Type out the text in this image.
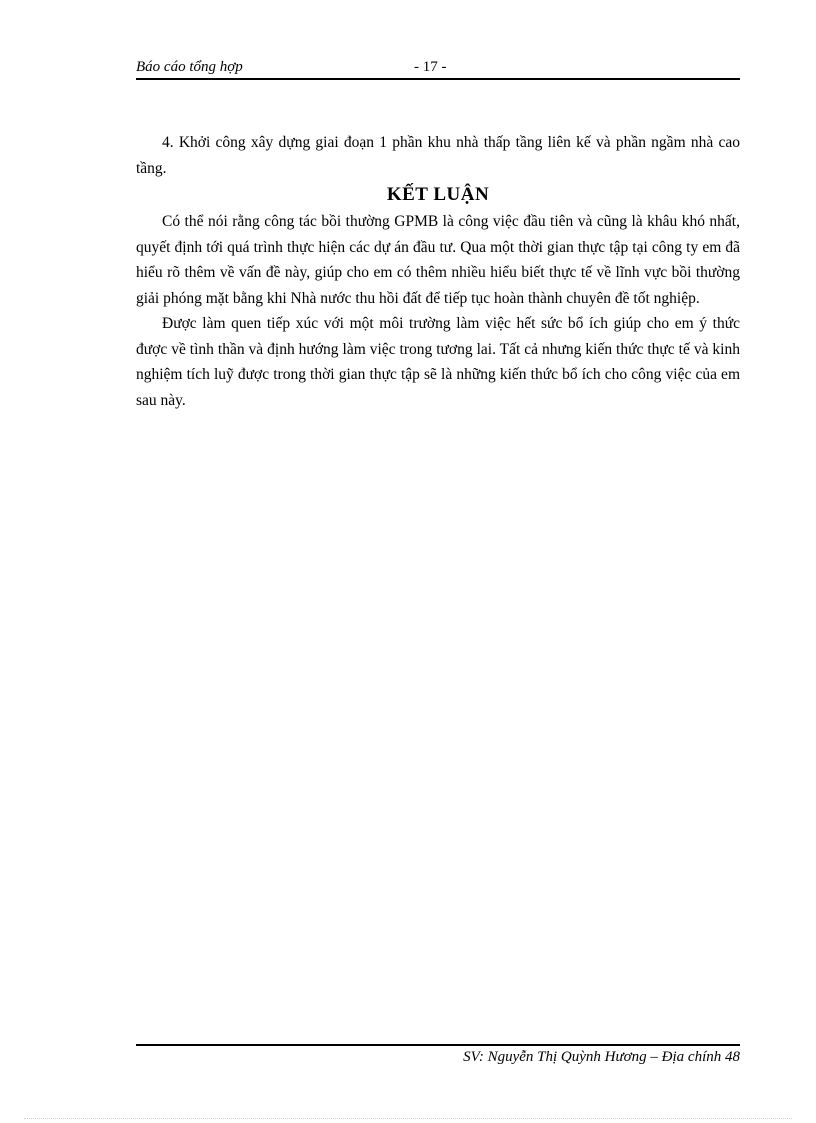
Báo cáo tổng hợp	- 17 -

4. Khởi công xây dựng giai đoạn 1 phần khu nhà thấp tầng liên kế và phần ngầm nhà cao tầng.

KẾT LUẬN

Có thể nói rằng công tác bồi thường GPMB là công việc đầu tiên và cũng là khâu khó nhất, quyết định tới quá trình thực hiện các dự án đầu tư. Qua một thời gian thực tập tại công ty em đã hiểu rõ thêm về vấn đề này, giúp cho em có thêm nhiều hiểu biết thực tế về lĩnh vực bồi thường giải phóng mặt bằng khi Nhà nước thu hồi đất để tiếp tục hoàn thành chuyên đề tốt nghiệp.

Được làm quen tiếp xúc với một môi trường làm việc hết sức bổ ích giúp cho em ý thức được về tình thần và định hướng làm việc trong tương lai. Tất cả nhưng kiến thức thực tế và kinh nghiệm tích luỹ được trong thời gian thực tập sẽ là những kiến thức bổ ích cho công việc của em sau này.

SV: Nguyễn Thị Quỳnh Hương – Địa chính 48
